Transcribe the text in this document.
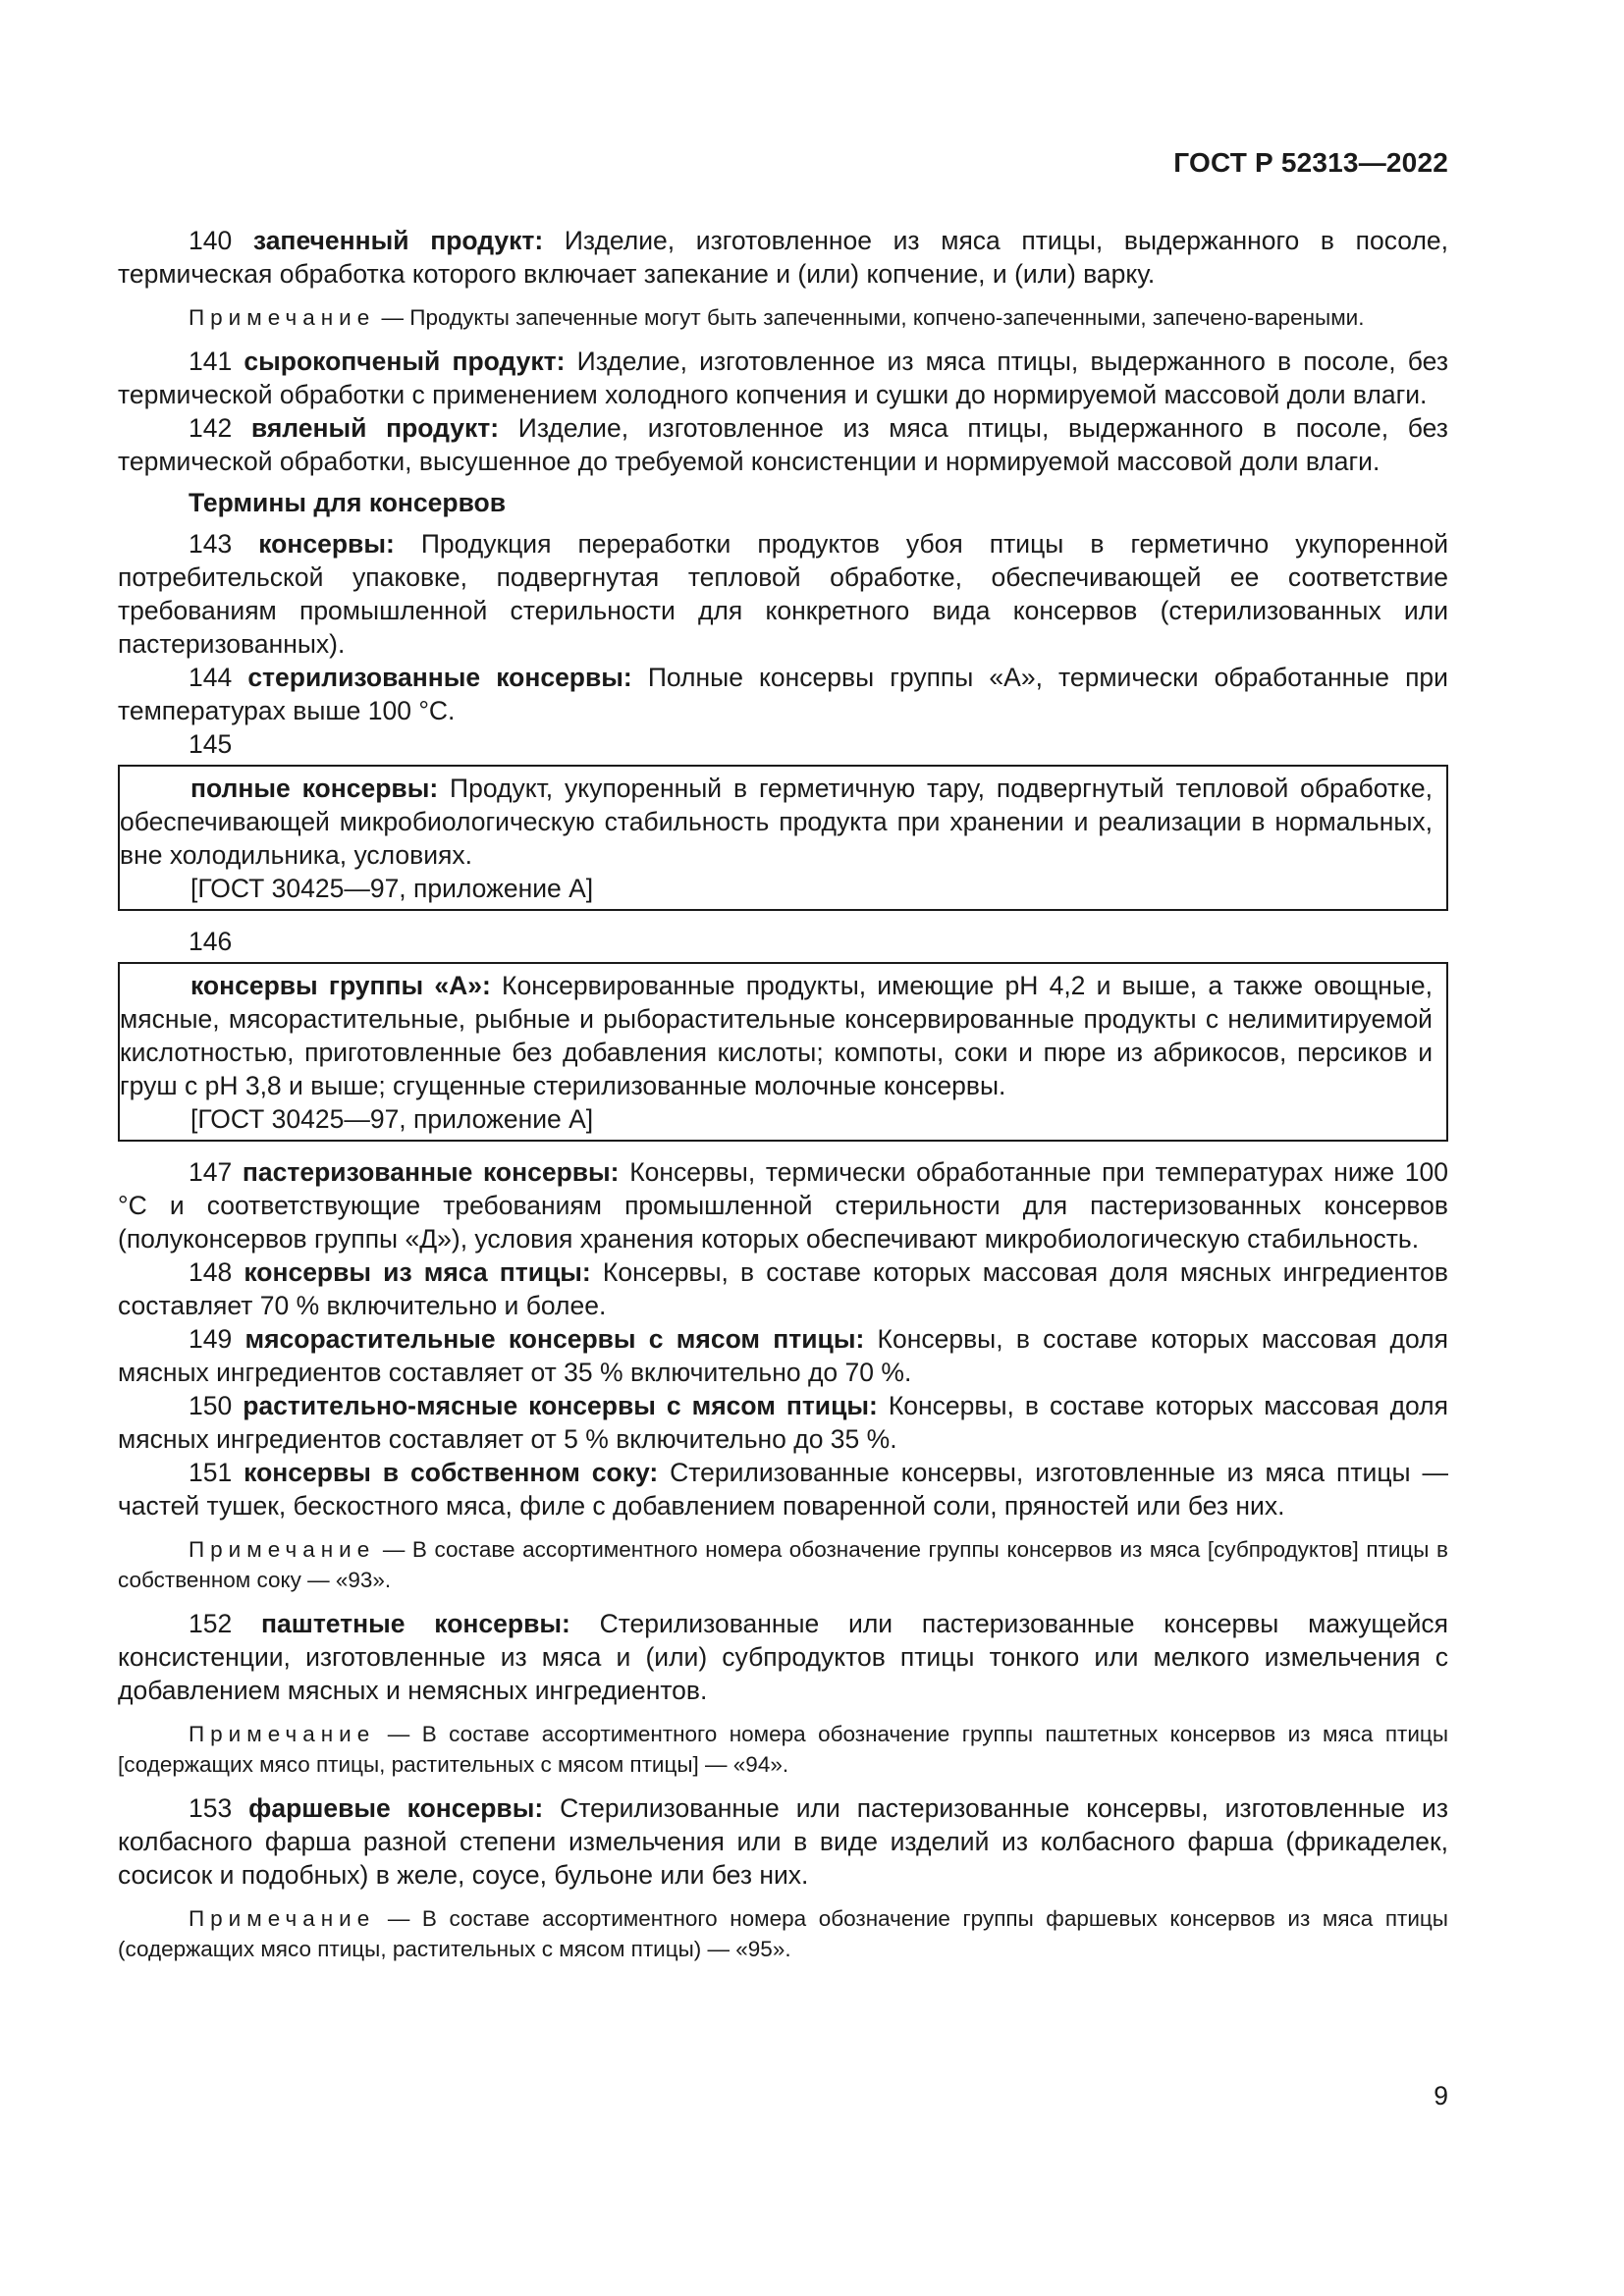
ГОСТ Р 52313—2022

140 запеченный продукт: Изделие, изготовленное из мяса птицы, выдержанного в посоле, термическая обработка которого включает запекание и (или) копчение, и (или) варку.

Примечание — Продукты запеченные могут быть запеченными, копчено-запеченными, запечено-вареными.

141 сырокопченый продукт: Изделие, изготовленное из мяса птицы, выдержанного в посоле, без термической обработки с применением холодного копчения и сушки до нормируемой массовой доли влаги.

142 вяленый продукт: Изделие, изготовленное из мяса птицы, выдержанного в посоле, без термической обработки, высушенное до требуемой консистенции и нормируемой массовой доли влаги.

Термины для консервов

143 консервы: Продукция переработки продуктов убоя птицы в герметично укупоренной потребительской упаковке, подвергнутая тепловой обработке, обеспечивающей ее соответствие требованиям промышленной стерильности для конкретного вида консервов (стерилизованных или пастеризованных).

144 стерилизованные консервы: Полные консервы группы «А», термически обработанные при температурах выше 100 °C.

145

полные консервы: Продукт, укупоренный в герметичную тару, подвергнутый тепловой обработке, обеспечивающей микробиологическую стабильность продукта при хранении и реализации в нормальных, вне холодильника, условиях.

[ГОСТ 30425—97, приложение А]

146

консервы группы «А»: Консервированные продукты, имеющие pH 4,2 и выше, а также овощные, мясные, мясорастительные, рыбные и рыборастительные консервированные продукты с нелимитируемой кислотностью, приготовленные без добавления кислоты; компоты, соки и пюре из абрикосов, персиков и груш с pH 3,8 и выше; сгущенные стерилизованные молочные консервы.

[ГОСТ 30425—97, приложение А]

147 пастеризованные консервы: Консервы, термически обработанные при температурах ниже 100 °C и соответствующие требованиям промышленной стерильности для пастеризованных консервов (полуконсервов группы «Д»), условия хранения которых обеспечивают микробиологическую стабильность.

148 консервы из мяса птицы: Консервы, в составе которых массовая доля мясных ингредиентов составляет 70 % включительно и более.

149 мясорастительные консервы с мясом птицы: Консервы, в составе которых массовая доля мясных ингредиентов составляет от 35 % включительно до 70 %.

150 растительно-мясные консервы с мясом птицы: Консервы, в составе которых массовая доля мясных ингредиентов составляет от 5 % включительно до 35 %.

151 консервы в собственном соку: Стерилизованные консервы, изготовленные из мяса птицы — частей тушек, бескостного мяса, филе с добавлением поваренной соли, пряностей или без них.

Примечание — В составе ассортиментного номера обозначение группы консервов из мяса [субпродуктов] птицы в собственном соку — «93».

152 паштетные консервы: Стерилизованные или пастеризованные консервы мажущейся консистенции, изготовленные из мяса и (или) субпродуктов птицы тонкого или мелкого измельчения с добавлением мясных и немясных ингредиентов.

Примечание — В составе ассортиментного номера обозначение группы паштетных консервов из мяса птицы [содержащих мясо птицы, растительных с мясом птицы] — «94».

153 фаршевые консервы: Стерилизованные или пастеризованные консервы, изготовленные из колбасного фарша разной степени измельчения или в виде изделий из колбасного фарша (фрикаделек, сосисок и подобных) в желе, соусе, бульоне или без них.

Примечание — В составе ассортиментного номера обозначение группы фаршевых консервов из мяса птицы (содержащих мясо птицы, растительных с мясом птицы) — «95».

9
